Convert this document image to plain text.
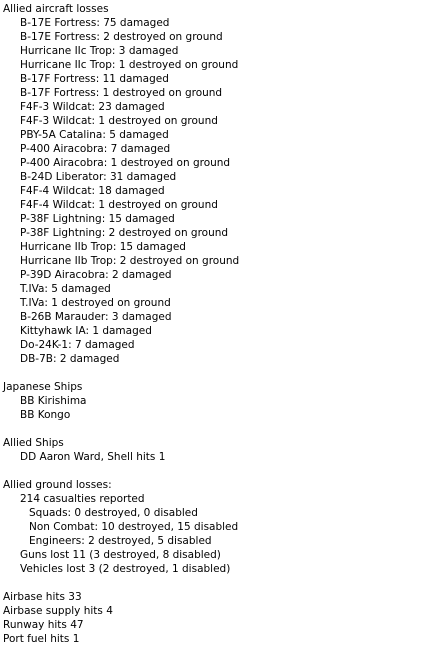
Allied aircraft losses
B-17E Fortress: 75 damaged
B-17E Fortress: 2 destroyed on ground
Hurricane IIc Trop: 3 damaged
Hurricane IIc Trop: 1 destroyed on ground
B-17F Fortress: 11 damaged
B-17F Fortress: 1 destroyed on ground
F4F-3 Wildcat: 23 damaged
F4F-3 Wildcat: 1 destroyed on ground
PBY-5A Catalina: 5 damaged
P-400 Airacobra: 7 damaged
P-400 Airacobra: 1 destroyed on ground
B-24D Liberator: 31 damaged
F4F-4 Wildcat: 18 damaged
F4F-4 Wildcat: 1 destroyed on ground
P-38F Lightning: 15 damaged
P-38F Lightning: 2 destroyed on ground
Hurricane IIb Trop: 15 damaged
Hurricane IIb Trop: 2 destroyed on ground
P-39D Airacobra: 2 damaged
T.IVa: 5 damaged
T.IVa: 1 destroyed on ground
B-26B Marauder: 3 damaged
Kittyhawk IA: 1 damaged
Do-24K-1: 7 damaged
DB-7B: 2 damaged
Japanese Ships
BB Kirishima
BB Kongo
Allied Ships
DD Aaron Ward, Shell hits 1
Allied ground losses:
214 casualties reported
Squads: 0 destroyed, 0 disabled
Non Combat: 10 destroyed, 15 disabled
Engineers: 2 destroyed, 5 disabled
Guns lost 11 (3 destroyed, 8 disabled)
Vehicles lost 3 (2 destroyed, 1 disabled)
Airbase hits 33
Airbase supply hits 4
Runway hits 47
Port fuel hits 1
